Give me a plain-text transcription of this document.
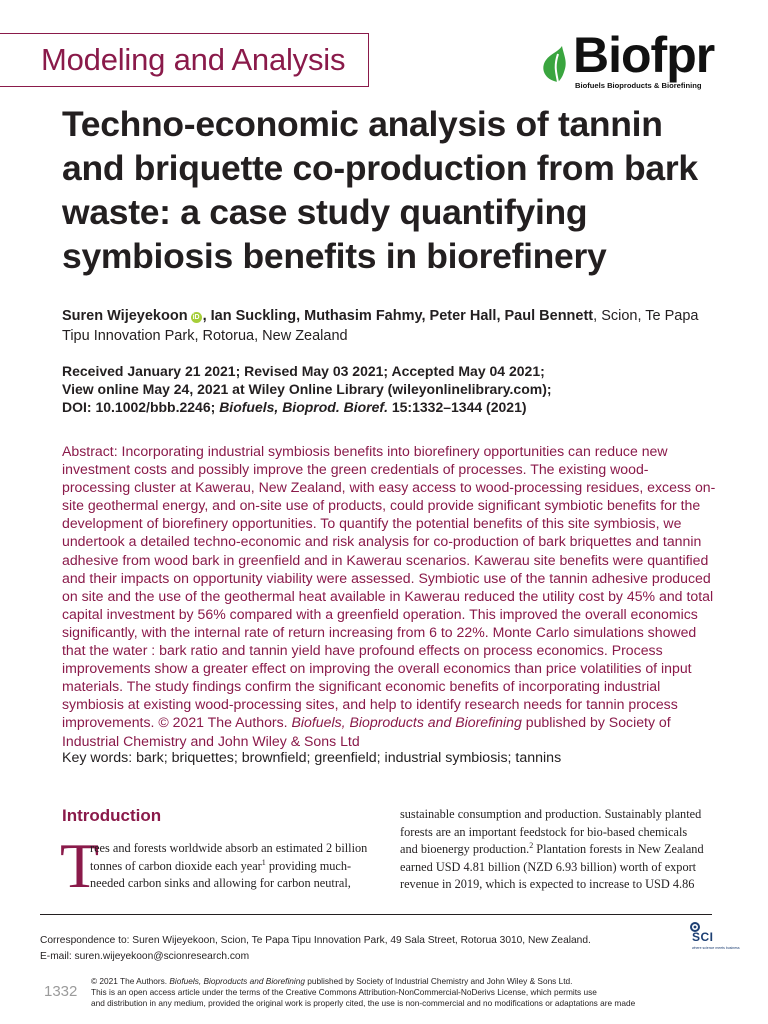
Modeling and Analysis	Biofpr
Biofuels Bioproducts & Biorefining
Techno-economic analysis of tannin and briquette co-production from bark waste: a case study quantifying symbiosis benefits in biorefinery
Suren Wijeyekoon iD , Ian Suckling, Muthasim Fahmy, Peter Hall, Paul Bennett, Scion, Te Papa Tipu Innovation Park, Rotorua, New Zealand
Received January 21 2021; Revised May 03 2021; Accepted May 04 2021;
View online May 24, 2021 at Wiley Online Library (wileyonlinelibrary.com);
DOI: 10.1002/bbb.2246; Biofuels, Bioprod. Bioref. 15:1332–1344 (2021)
Abstract: Incorporating industrial symbiosis benefits into biorefinery opportunities can reduce new investment costs and possibly improve the green credentials of processes. The existing wood-processing cluster at Kawerau, New Zealand, with easy access to wood-processing residues, excess on-site geothermal energy, and on-site use of products, could provide significant symbiotic benefits for the development of biorefinery opportunities. To quantify the potential benefits of this site symbiosis, we undertook a detailed techno-economic and risk analysis for co-production of bark briquettes and tannin adhesive from wood bark in greenfield and in Kawerau scenarios. Kawerau site benefits were quantified and their impacts on opportunity viability were assessed. Symbiotic use of the tannin adhesive produced on site and the use of the geothermal heat available in Kawerau reduced the utility cost by 45% and total capital investment by 56% compared with a greenfield operation. This improved the overall economics significantly, with the internal rate of return increasing from 6 to 22%. Monte Carlo simulations showed that the water : bark ratio and tannin yield have profound effects on process economics. Process improvements show a greater effect on improving the overall economics than price volatilities of input materials. The study findings confirm the significant economic benefits of incorporating industrial symbiosis at existing wood-processing sites, and help to identify research needs for tannin process improvements. © 2021 The Authors. Biofuels, Bioproducts and Biorefining published by Society of Industrial Chemistry and John Wiley & Sons Ltd
Key words: bark; briquettes; brownfield; greenfield; industrial symbiosis; tannins
Introduction
T
rees and forests worldwide absorb an estimated 2 billion
tonnes of carbon dioxide each year$^1$ providing much-
needed carbon sinks and allowing for carbon neutral,
sustainable consumption and production. Sustainably planted
forests are an important feedstock for bio-based chemicals
and bioenergy production.$^2$ Plantation forests in New Zealand
earned USD 4.81 billion (NZD 6.93 billion) worth of export
revenue in 2019, which is expected to increase to USD 4.86
Correspondence to: Suren Wijeyekoon, Scion, Te Papa Tipu Innovation Park, 49 Sala Street, Rotorua 3010, New Zealand.
E-mail: suren.wijeyekoon@scionresearch.com
SCI
where science meets business
1332
© 2021 The Authors. Biofuels, Bioproducts and Biorefining published by Society of Industrial Chemistry and John Wiley & Sons Ltd.
This is an open access article under the terms of the Creative Commons Attribution-NonCommercial-NoDerivs License, which permits use
and distribution in any medium, provided the original work is properly cited, the use is non-commercial and no modifications or adaptations are made
